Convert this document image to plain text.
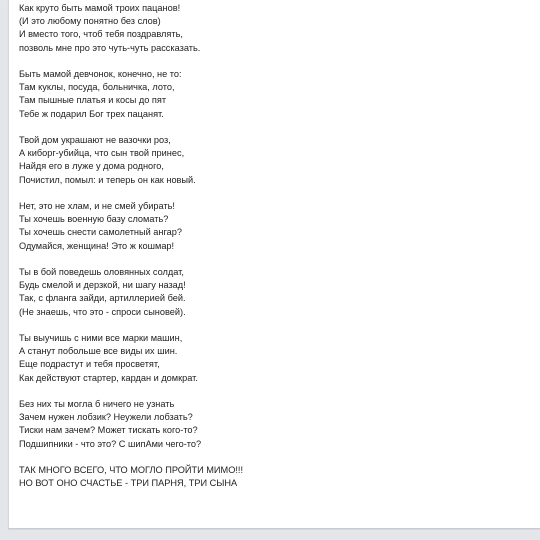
Как круто быть мамой троих пацанов!
(И это любому понятно без слов)
И вместо того, чтоб тебя поздравлять,
позволь мне про это чуть-чуть рассказать.
Быть мамой девчонок, конечно, не то:
Там куклы, посуда, больничка, лото,
Там пышные платья и косы до пят
Тебе ж подарил Бог трех пацанят.
Твой дом украшают не вазочки роз,
А киборг-убийца, что сын твой принес,
Найдя его в луже у дома родного,
Почистил, помыл: и теперь он как новый.
Нет, это не хлам, и не смей убирать!
Ты хочешь военную базу сломать?
Ты хочешь снести самолетный ангар?
Одумайся, женщина! Это ж кошмар!
Ты в бой поведешь оловянных солдат,
Будь смелой и дерзкой, ни шагу назад!
Так, с фланга зайди, артиллерией бей.
(Не знаешь, что это - спроси сыновей).
Ты выучишь с ними все марки машин,
А станут побольше все виды их шин.
Еще подрастут и тебя просветят,
Как действуют стартер, кардан и домкрат.
Без них ты могла б ничего не узнать
Зачем нужен лобзик? Неужели лобзать?
Тиски нам зачем? Может тискать кого-то?
Подшипники - что это? С шипАми чего-то?
ТАК МНОГО ВСЕГО, ЧТО МОГЛО ПРОЙТИ МИМО!!!
НО ВОТ ОНО СЧАСТЬЕ - ТРИ ПАРНЯ, ТРИ СЫНА
